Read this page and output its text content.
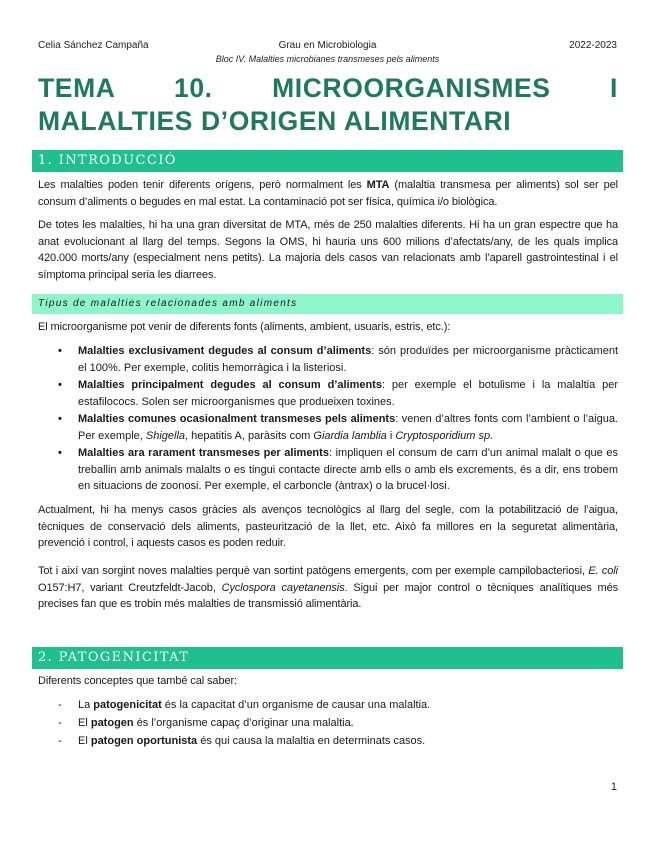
Celia Sánchez Campaña	Grau en Microbiologia
Bloc IV. Malalties microbianes transmeses pels aliments
2022-2023
TEMA 10. MICROORGANISMES I MALALTIES D’ORIGEN ALIMENTARI
1. INTRODUCCIÓ

Les malalties poden tenir diferents orígens, però normalment les MTA (malaltia transmesa per aliments) sol ser pel consum d’aliments o begudes en mal estat. La contaminació pot ser física, química i/o biològica.

De totes les malalties, hi ha una gran diversitat de MTA, més de 250 malalties diferents. Hi ha un gran espectre que ha anat evolucionant al llarg del temps. Segons la OMS, hi hauria uns 600 milions d’afectats/any, de les quals implica 420.000 morts/any (especialment nens petits). La majoria dels casos van relacionats amb l’aparell gastrointestinal i el símptoma principal seria les diarrees.

Tipus de malalties relacionades amb aliments

El microorganisme pot venir de diferents fonts (aliments, ambient, usuaris, estris, etc.):

• Malalties exclusivament degudes al consum d’aliments: són produïdes per microorganisme pràcticament el 100%. Per exemple, colitis hemorràgica i la listeriosi.
• Malalties principalment degudes al consum d’aliments: per exemple el botulisme i la malaltia per estafilococs. Solen ser microorganismes que produeixen toxines.
• Malalties comunes ocasionalment transmeses pels aliments: venen d’altres fonts com l’ambient o l’aigua. Per exemple, Shigella, hepatitis A, paràsits com Giardia lamblia i Cryptosporidium sp.
• Malalties ara rarament transmeses per aliments: impliquen el consum de carn d’un animal malalt o que es treballin amb animals malalts o es tingui contacte directe amb ells o amb els excrements, és a dir, ens trobem en situacions de zoonosi. Per exemple, el carboncle (àntrax) o la brucel·losi.

Actualment, hi ha menys casos gràcies als avenços tecnològics al llarg del segle, com la potabilització de l’aigua, tècniques de conservació dels aliments, pasteurització de la llet, etc. Això fa millores en la seguretat alimentària, prevenció i control, i aquests casos es poden reduir.

Tot i així van sorgint noves malalties perquè van sortint patògens emergents, com per exemple campilobacteriosi, E. coli O157:H7, variant Creutzfeldt-Jacob, Cyclospora cayetanensis. Sigui per major control o tècniques analítiques més precises fan que es trobin més malalties de transmissió alimentària.

2. PATOGENICITAT

Diferents conceptes que també cal saber:

- La patogenicitat és la capacitat d’un organisme de causar una malaltia.
- El patogen és l’organisme capaç d’originar una malaltia.
- El patogen oportunista és qui causa la malaltia en determinats casos.
1
